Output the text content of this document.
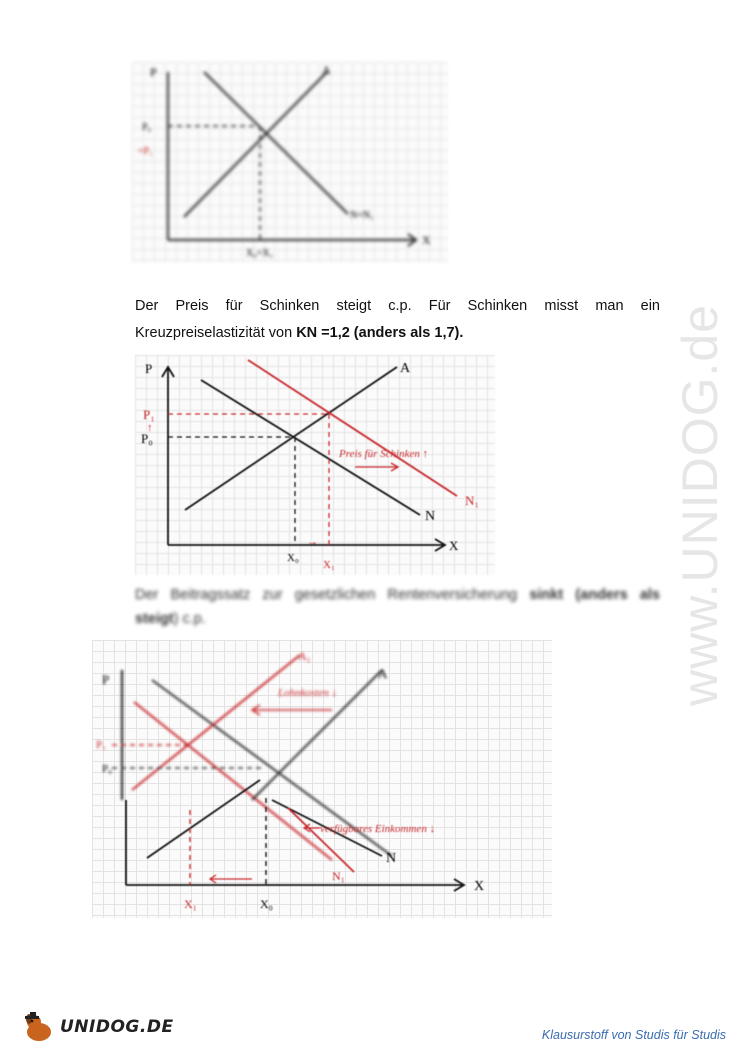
P
X
A
N=N₁
P₀
=P₁
X₀=X₁
Der Preis für Schinken steigt c.p. Für Schinken misst man ein
Kreuzpreiselastizität von KN =1,2 (anders als 1,7).
P
X
A
N
N₁
P₁
↑
P₀
Preis für Schinken ↑
X₀
X₁
→
Der Beitragssatz zur gesetzlichen Rentenversicherung sinkt (anders als
steigt) c.p.
P
A₁
A
Lohnkosten ↓
P₁
P₀
X
N
N₁
verfügbares Einkommen ↓
X₁	X₀
www.UNIDOG.de
UNIDOG.DE	Klausurstoff von Studis für Studis
